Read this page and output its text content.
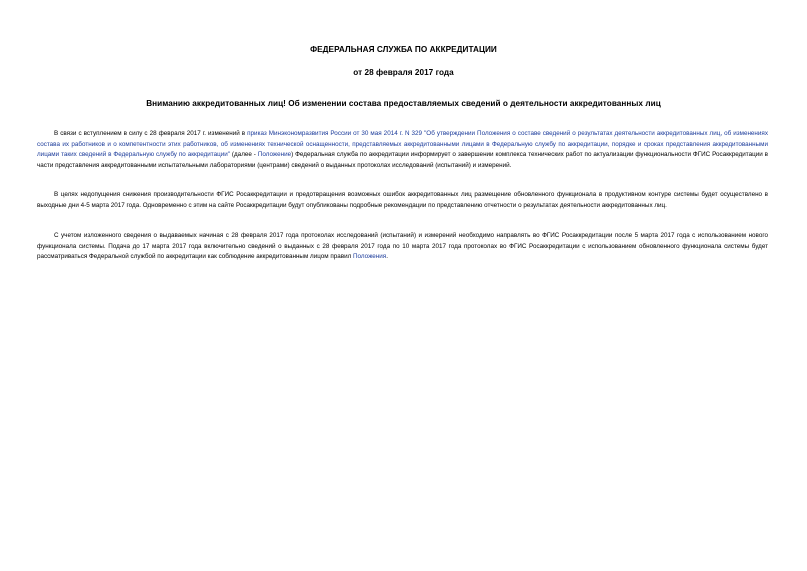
ФЕДЕРАЛЬНАЯ СЛУЖБА ПО АККРЕДИТАЦИИ
от 28 февраля 2017 года
Вниманию аккредитованных лиц! Об изменении состава предоставляемых сведений о деятельности аккредитованных лиц

В связи с вступлением в силу с 28 февраля 2017 г. изменений в приказ Минэкономразвития России от 30 мая 2014 г. N 329 "Об утверждении Положения о составе сведений о результатах деятельности аккредитованных лиц, об изменениях состава их работников и о компетентности этих работников, об изменениях технической оснащенности, представляемых аккредитованными лицами в Федеральную службу по аккредитации, порядке и сроках представления аккредитованными лицами таких сведений в Федеральную службу по аккредитации" (далее - Положение) Федеральная служба по аккредитации информирует о завершении комплекса технических работ по актуализации функциональности ФГИС Росаккредитации в части представления аккредитованными испытательными лабораториями (центрами) сведений о выданных протоколах исследований (испытаний) и измерений.

В целях недопущения снижения производительности ФГИС Росаккредитации и предотвращения возможных ошибок аккредитованных лиц размещение обновленного функционала в продуктивном контуре системы будет осуществлено в выходные дни 4-5 марта 2017 года. Одновременно с этим на сайте Росаккредитации будут опубликованы подробные рекомендации по представлению отчетности о результатах деятельности аккредитованных лиц.

С учетом изложенного сведения о выдаваемых начиная с 28 февраля 2017 года протоколах исследований (испытаний) и измерений необходимо направлять во ФГИС Росаккредитации после 5 марта 2017 года с использованием нового функционала системы. Подача до 17 марта 2017 года включительно сведений о выданных с 28 февраля 2017 года по 10 марта 2017 года протоколах во ФГИС Росаккредитации с использованием обновленного функционала системы будет рассматриваться Федеральной службой по аккредитации как соблюдение аккредитованным лицом правил Положения.
